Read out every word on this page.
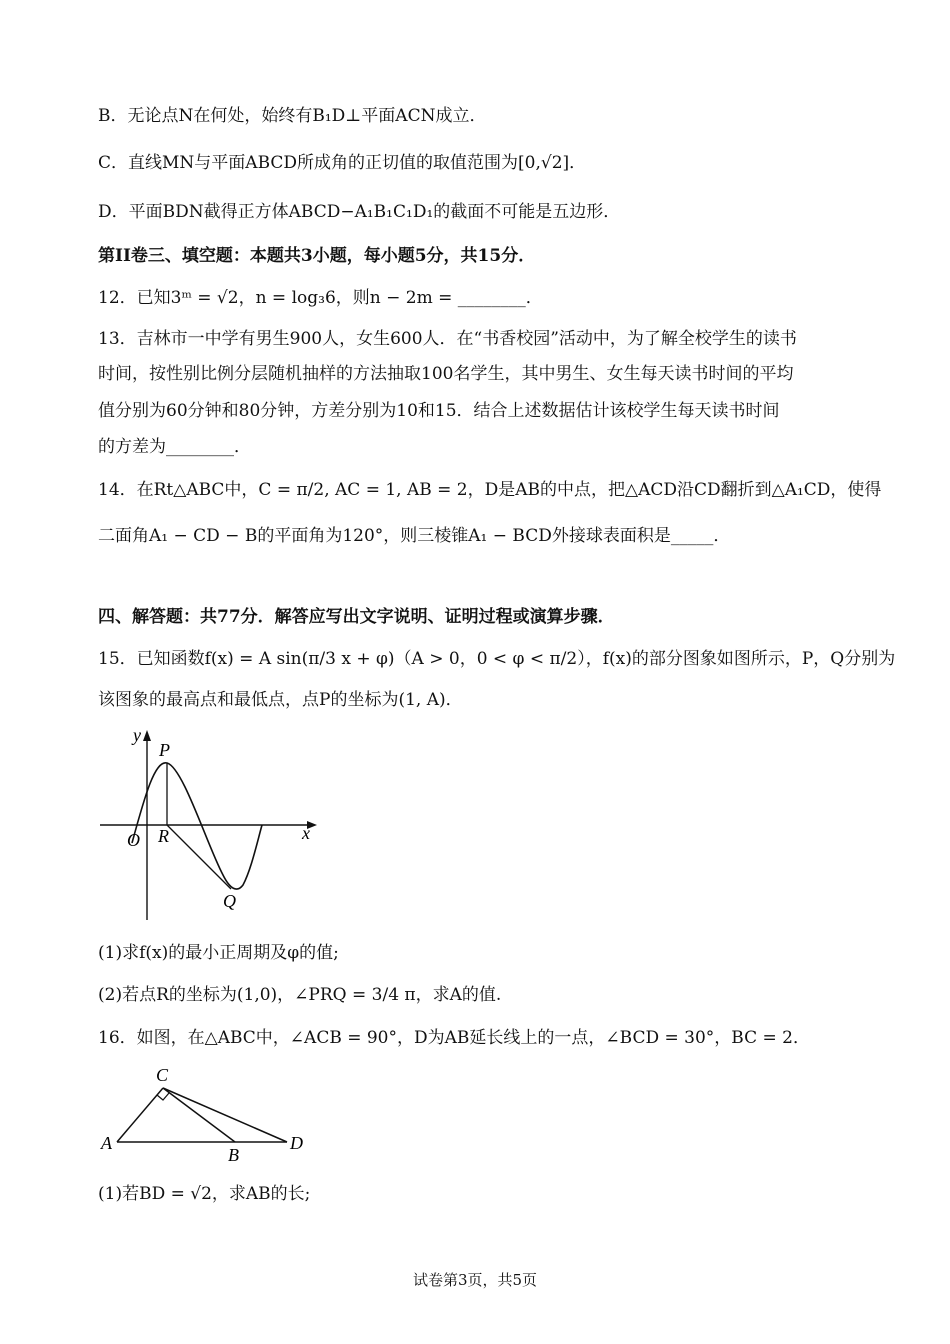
B．无论点N在何处，始终有B₁D⊥平面ACN成立．
C．直线MN与平面ABCD所成角的正切值的取值范围为[0,√2]．
D．平面BDN截得正方体ABCD−A₁B₁C₁D₁的截面不可能是五边形．
第II卷三、填空题：本题共3小题，每小题5分，共15分．
12．已知3ᵐ = √2，n = log₃6，则n − 2m = ________．
13．吉林市一中学有男生900人，女生600人．在“书香校园”活动中，为了解全校学生的读书
时间，按性别比例分层随机抽样的方法抽取100名学生，其中男生、女生每天读书时间的平均
值分别为60分钟和80分钟，方差分别为10和15．结合上述数据估计该校学生每天读书时间
的方差为________．
14．在Rt△ABC中，C = π/2, AC = 1, AB = 2，D是AB的中点，把△ACD沿CD翻折到△A₁CD，使得
二面角A₁ − CD − B的平面角为120°，则三棱锥A₁ − BCD外接球表面积是_____．
四、解答题：共77分．解答应写出文字说明、证明过程或演算步骤．
15．已知函数f(x) = A sin(π/3 x + φ)（A > 0，0 < φ < π/2），f(x)的部分图象如图所示，P，Q分别为
该图象的最高点和最低点，点P的坐标为(1, A)．
y
P
x
O R
Q
(1)求f(x)的最小正周期及φ的值;
(2)若点R的坐标为(1,0)，∠PRQ = 3/4 π，求A的值.
16．如图，在△ABC中，∠ACB = 90°，D为AB延长线上的一点，∠BCD = 30°，BC = 2．
C
A
B
D
(1)若BD = √2，求AB的长;
试卷第3页，共5页
